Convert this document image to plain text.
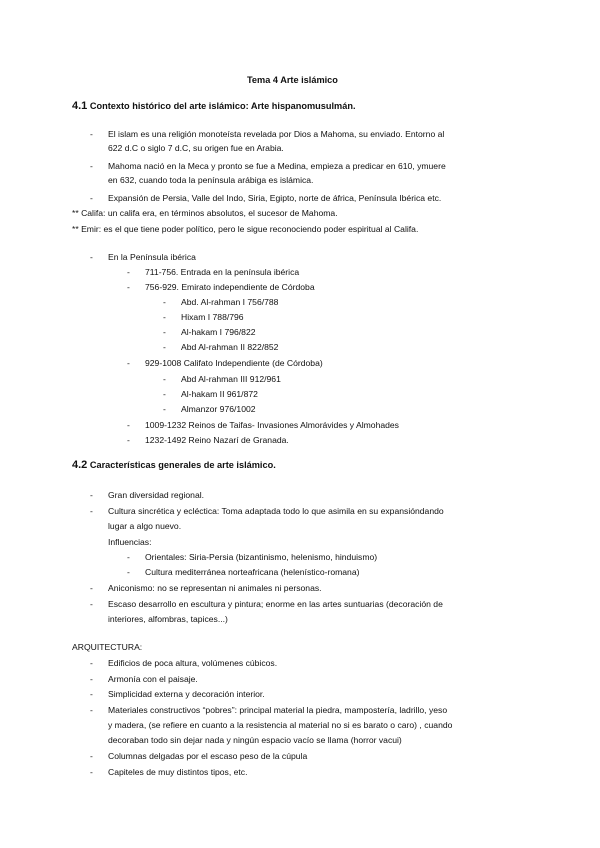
Tema 4 Arte islámico
4.1 Contexto histórico del arte islámico: Arte hispanomusulmán.
- El islam es una religión monoteísta revelada por Dios a Mahoma, su enviado. Entorno al
622 d.C o siglo 7 d.C, su origen fue en Arabia.
- Mahoma nació en la Meca y pronto se fue a Medina, empieza a predicar en 610, ymuere
en 632, cuando toda la península arábiga es islámica.
- Expansión de Persia, Valle del Indo, Siria, Egipto, norte de áfrica, Península Ibérica etc.
** Califa: un califa era, en términos absolutos, el sucesor de Mahoma.
** Emir: es el que tiene poder político, pero le sigue reconociendo poder espiritual al Califa.
- En la Península ibérica
- 711-756. Entrada en la península ibérica
- 756-929. Emirato independiente de Córdoba
- Abd. Al-rahman I 756/788
- Hixam I 788/796
- Al-hakam I 796/822
- Abd Al-rahman II 822/852
- 929-1008 Califato Independiente (de Córdoba)
- Abd Al-rahman III 912/961
- Al-hakam II 961/872
- Almanzor 976/1002
- 1009-1232 Reinos de Taifas- Invasiones Almorávides y Almohades
- 1232-1492 Reino Nazarí de Granada.
4.2 Características generales de arte islámico.
- Gran diversidad regional.
- Cultura sincrética y ecléctica: Toma adaptada todo lo que asimila en su expansióndando
lugar a algo nuevo.
Influencias:
- Orientales: Siria-Persia (bizantinismo, helenismo, hinduismo)
- Cultura mediterránea norteafricana (helenístico-romana)
- Aniconismo: no se representan ni animales ni personas.
- Escaso desarrollo en escultura y pintura; enorme en las artes suntuarias (decoración de
interiores, alfombras, tapices...)
ARQUITECTURA:
- Edificios de poca altura, volúmenes cúbicos.
- Armonía con el paisaje.
- Simplicidad externa y decoración interior.
- Materiales constructivos “pobres”: principal material la piedra, mampostería, ladrillo, yeso
y madera, (se refiere en cuanto a la resistencia al material no si es barato o caro) , cuando
decoraban todo sin dejar nada y ningún espacio vacío se llama (horror vacui)
- Columnas delgadas por el escaso peso de la cúpula
- Capiteles de muy distintos tipos, etc.
